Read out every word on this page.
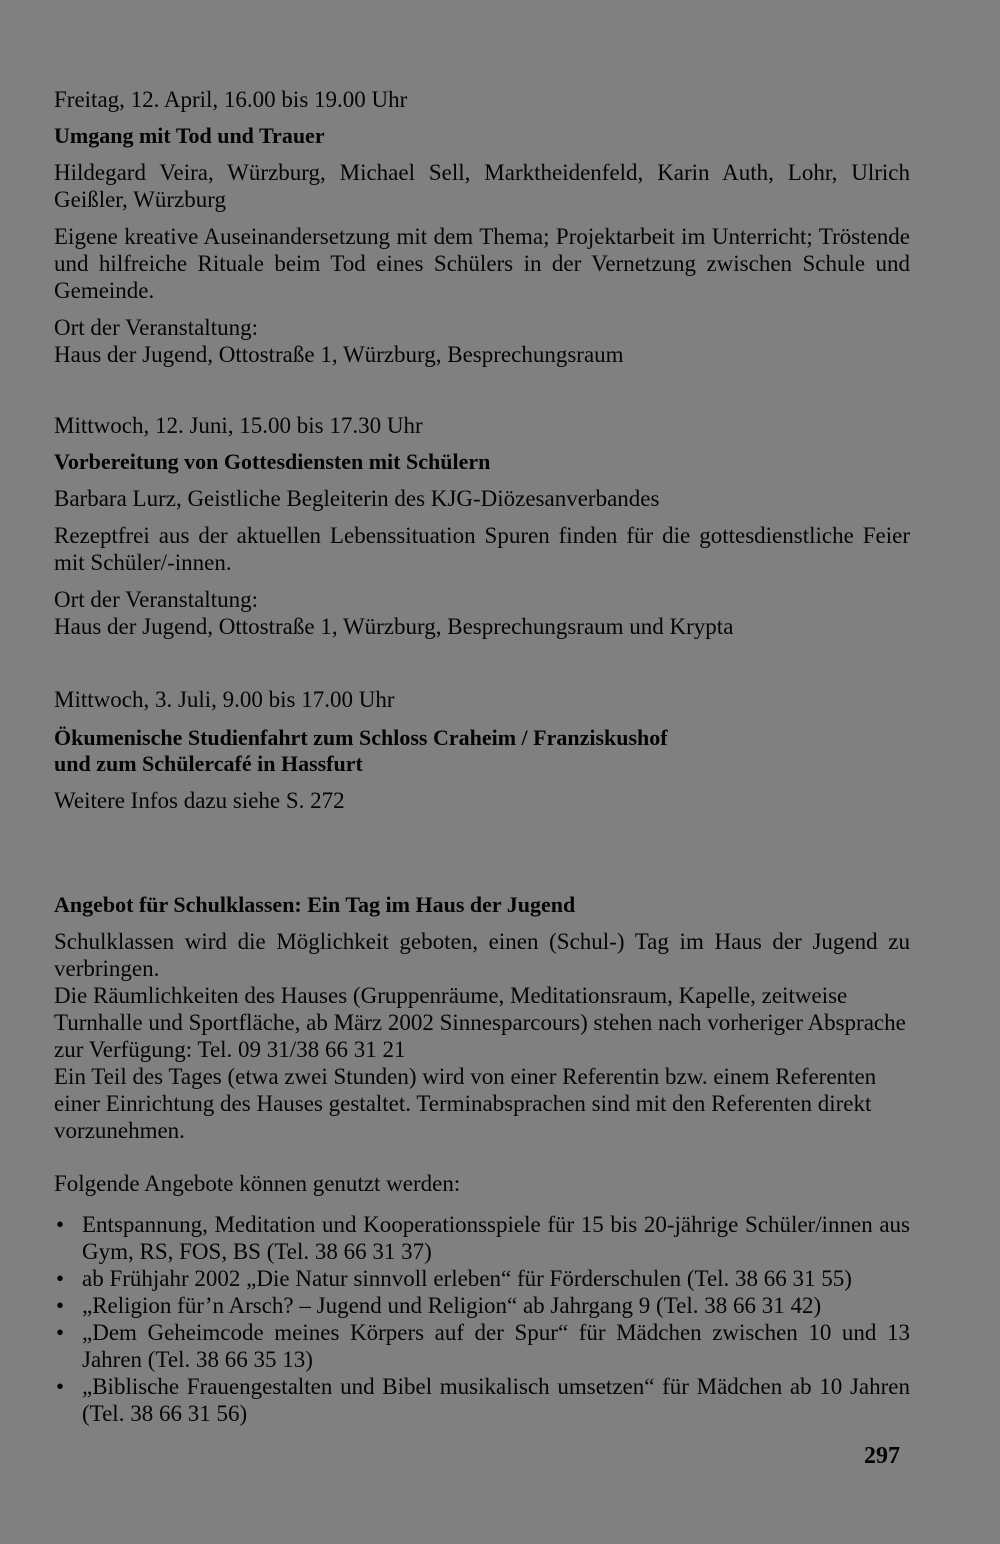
Freitag, 12. April, 16.00 bis 19.00 Uhr

Umgang mit Tod und Trauer

Hildegard Veira, Würzburg, Michael Sell, Marktheidenfeld, Karin Auth, Lohr, Ulrich Geißler, Würzburg

Eigene kreative Auseinandersetzung mit dem Thema; Projektarbeit im Unterricht; Tröstende und hilfreiche Rituale beim Tod eines Schülers in der Vernetzung zwischen Schule und Gemeinde.

Ort der Veranstaltung:

Haus der Jugend, Ottostraße 1, Würzburg, Besprechungsraum

Mittwoch, 12. Juni, 15.00 bis 17.30 Uhr

Vorbereitung von Gottesdiensten mit Schülern

Barbara Lurz, Geistliche Begleiterin des KJG-Diözesanverbandes

Rezeptfrei aus der aktuellen Lebenssituation Spuren finden für die gottesdienstliche Feier mit Schüler/-innen.

Ort der Veranstaltung:

Haus der Jugend, Ottostraße 1, Würzburg, Besprechungsraum und Krypta

Mittwoch, 3. Juli, 9.00 bis 17.00 Uhr

Ökumenische Studienfahrt zum Schloss Craheim / Franziskushof
und zum Schülercafé in Hassfurt

Weitere Infos dazu siehe S. 272

Angebot für Schulklassen: Ein Tag im Haus der Jugend

Schulklassen wird die Möglichkeit geboten, einen (Schul-) Tag im Haus der Jugend zu verbringen.

Die Räumlichkeiten des Hauses (Gruppenräume, Meditationsraum, Kapelle, zeitweise Turnhalle und Sportfläche, ab März 2002 Sinnesparcours) stehen nach vorheriger Absprache zur Verfügung: Tel. 09 31/38 66 31 21

Ein Teil des Tages (etwa zwei Stunden) wird von einer Referentin bzw. einem Referenten einer Einrichtung des Hauses gestaltet. Terminabsprachen sind mit den Referenten direkt vorzunehmen.

Folgende Angebote können genutzt werden:

• Entspannung, Meditation und Kooperationsspiele für 15 bis 20-jährige Schüler/innen aus Gym, RS, FOS, BS (Tel. 38 66 31 37)
• ab Frühjahr 2002 „Die Natur sinnvoll erleben“ für Förderschulen (Tel. 38 66 31 55)
• „Religion für’n Arsch? – Jugend und Religion“ ab Jahrgang 9 (Tel. 38 66 31 42)
• „Dem Geheimcode meines Körpers auf der Spur“ für Mädchen zwischen 10 und 13 Jahren (Tel. 38 66 35 13)
• „Biblische Frauengestalten und Bibel musikalisch umsetzen“ für Mädchen ab 10 Jahren (Tel. 38 66 31 56)
297
